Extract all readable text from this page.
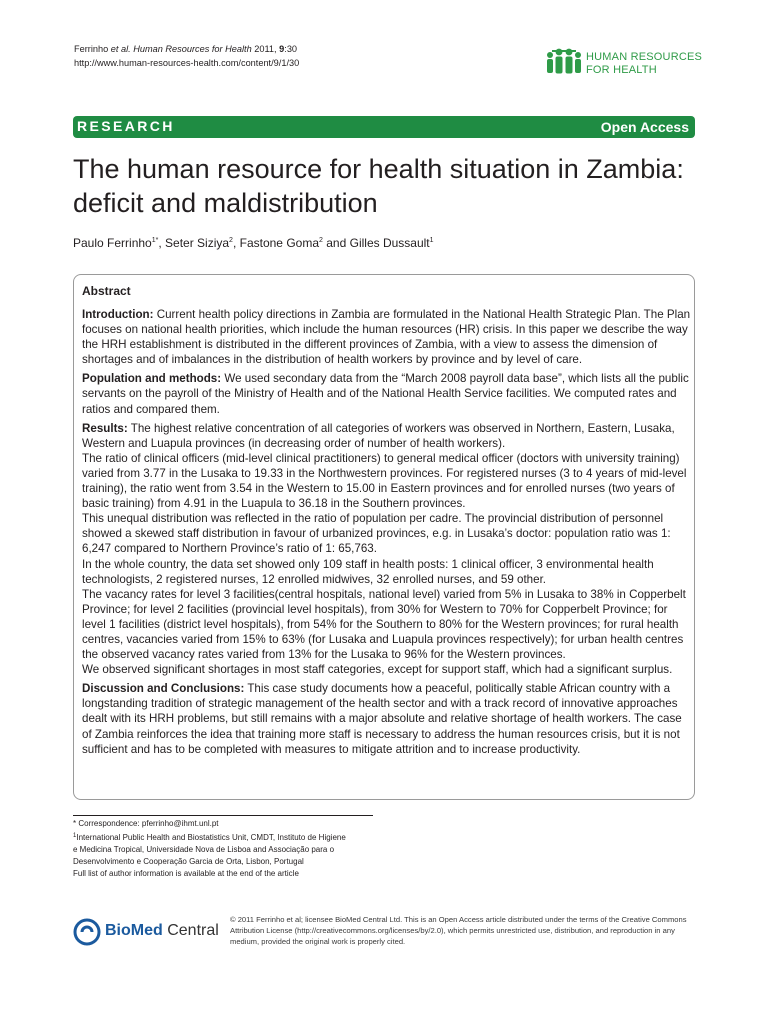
Ferrinho et al. Human Resources for Health 2011, 9:30
http://www.human-resources-health.com/content/9/1/30	HUMAN RESOURCES
FOR HEALTH
RESEARCH	Open Access
The human resource for health situation in Zambia: deficit and maldistribution
Paulo Ferrinho$^{1*}$, Seter Siziya$^2$, Fastone Goma$^2$ and Gilles Dussault$^1$
Abstract

Introduction: Current health policy directions in Zambia are formulated in the National Health Strategic Plan. The Plan focuses on national health priorities, which include the human resources (HR) crisis. In this paper we describe the way the HRH establishment is distributed in the different provinces of Zambia, with a view to assess the dimension of shortages and of imbalances in the distribution of health workers by province and by level of care.

Population and methods: We used secondary data from the “March 2008 payroll data base”, which lists all the public servants on the payroll of the Ministry of Health and of the National Health Service facilities. We computed rates and ratios and compared them.

Results: The highest relative concentration of all categories of workers was observed in Northern, Eastern, Lusaka, Western and Luapula provinces (in decreasing order of number of health workers).

The ratio of clinical officers (mid-level clinical practitioners) to general medical officer (doctors with university training) varied from 3.77 in the Lusaka to 19.33 in the Northwestern provinces. For registered nurses (3 to 4 years of mid-level training), the ratio went from 3.54 in the Western to 15.00 in Eastern provinces and for enrolled nurses (two years of basic training) from 4.91 in the Luapula to 36.18 in the Southern provinces.

This unequal distribution was reflected in the ratio of population per cadre. The provincial distribution of personnel showed a skewed staff distribution in favour of urbanized provinces, e.g. in Lusaka’s doctor: population ratio was 1: 6,247 compared to Northern Province’s ratio of 1: 65,763.

In the whole country, the data set showed only 109 staff in health posts: 1 clinical officer, 3 environmental health technologists, 2 registered nurses, 12 enrolled midwives, 32 enrolled nurses, and 59 other.

The vacancy rates for level 3 facilities(central hospitals, national level) varied from 5% in Lusaka to 38% in Copperbelt Province; for level 2 facilities (provincial level hospitals), from 30% for Western to 70% for Copperbelt Province; for level 1 facilities (district level hospitals), from 54% for the Southern to 80% for the Western provinces; for rural health centres, vacancies varied from 15% to 63% (for Lusaka and Luapula provinces respectively); for urban health centres the observed vacancy rates varied from 13% for the Lusaka to 96% for the Western provinces.

We observed significant shortages in most staff categories, except for support staff, which had a significant surplus.

Discussion and Conclusions: This case study documents how a peaceful, politically stable African country with a longstanding tradition of strategic management of the health sector and with a track record of innovative approaches dealt with its HRH problems, but still remains with a major absolute and relative shortage of health workers. The case of Zambia reinforces the idea that training more staff is necessary to address the human resources crisis, but it is not sufficient and has to be completed with measures to mitigate attrition and to increase productivity.

* Correspondence: pferrinho@ihmt.unl.pt
$^1$International Public Health and Biostatistics Unit, CMDT, Instituto de Higiene
e Medicina Tropical, Universidade Nova de Lisboa and Associação para o
Desenvolvimento e Cooperação Garcia de Orta, Lisbon, Portugal
Full list of author information is available at the end of the article
BioMed Central
© 2011 Ferrinho et al; licensee BioMed Central Ltd. This is an Open Access article distributed under the terms of the Creative Commons Attribution License (http://creativecommons.org/licenses/by/2.0), which permits unrestricted use, distribution, and reproduction in any medium, provided the original work is properly cited.
